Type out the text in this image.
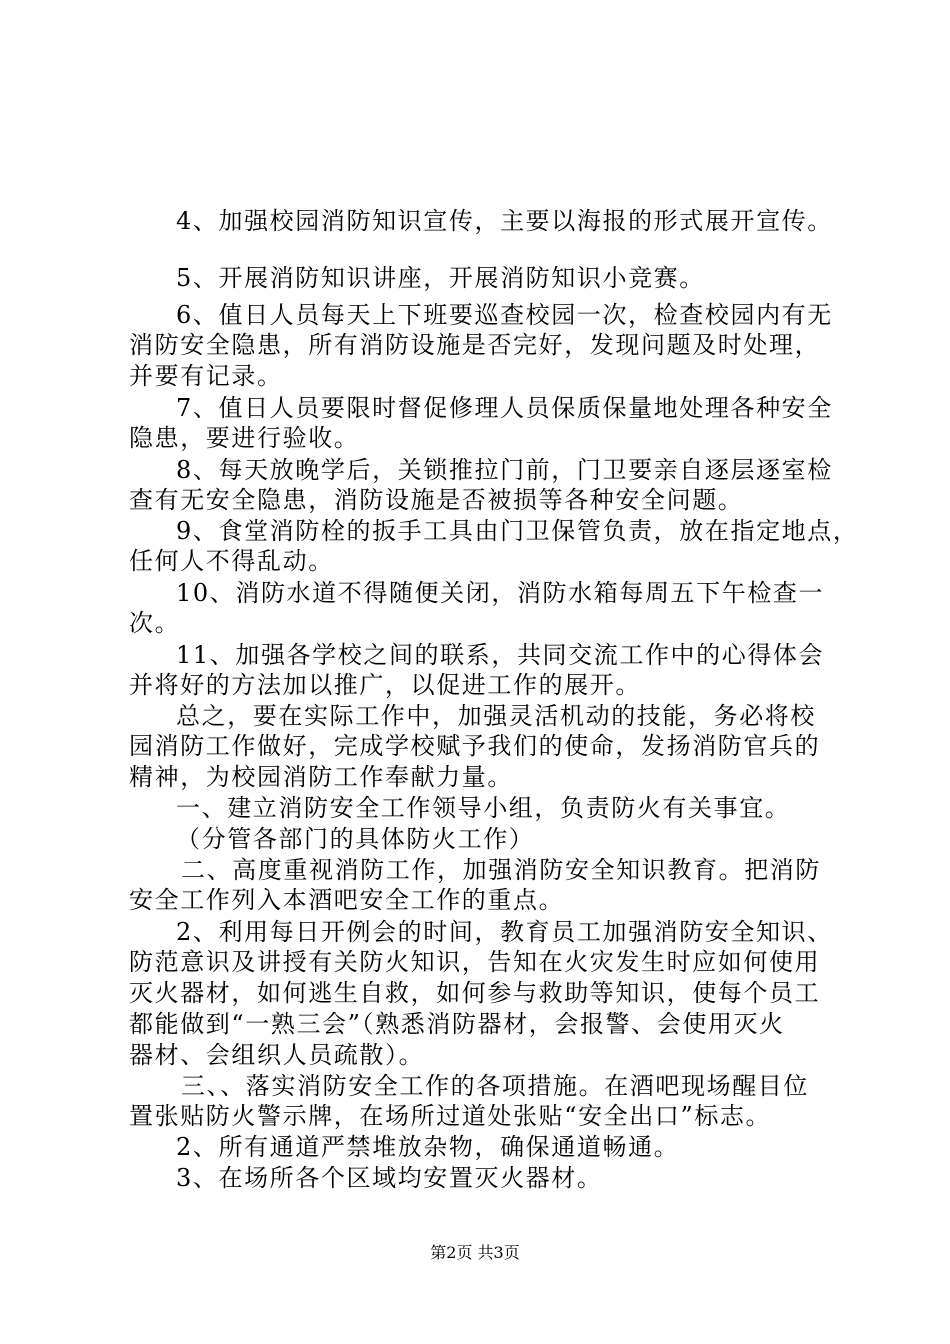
4、加强校园消防知识宣传，主要以海报的形式展开宣传。
5、开展消防知识讲座，开展消防知识小竞赛。
6、值日人员每天上下班要巡查校园一次，检查校园内有无
消防安全隐患，所有消防设施是否完好，发现问题及时处理，
并要有记录。
7、值日人员要限时督促修理人员保质保量地处理各种安全
隐患，要进行验收。
8、每天放晚学后，关锁推拉门前，门卫要亲自逐层逐室检
查有无安全隐患，消防设施是否被损等各种安全问题。
9、食堂消防栓的扳手工具由门卫保管负责，放在指定地点，
任何人不得乱动。
10、消防水道不得随便关闭，消防水箱每周五下午检查一
次。
11、加强各学校之间的联系，共同交流工作中的心得体会
并将好的方法加以推广，以促进工作的展开。
总之，要在实际工作中，加强灵活机动的技能，务必将校
园消防工作做好，完成学校赋予我们的使命，发扬消防官兵的
精神，为校园消防工作奉献力量。
一、建立消防安全工作领导小组，负责防火有关事宜。
（分管各部门的具体防火工作）
二、高度重视消防工作，加强消防安全知识教育。把消防
安全工作列入本酒吧安全工作的重点。
2、利用每日开例会的时间，教育员工加强消防安全知识、
防范意识及讲授有关防火知识，告知在火灾发生时应如何使用
灭火器材，如何逃生自救，如何参与救助等知识，使每个员工
都能做到“一熟三会”（熟悉消防器材，会报警、会使用灭火
器材、会组织人员疏散）。
三、、落实消防安全工作的各项措施。在酒吧现场醒目位
置张贴防火警示牌，在场所过道处张贴“安全出口”标志。
2、所有通道严禁堆放杂物，确保通道畅通。
3、在场所各个区域均安置灭火器材。
第2页 共3页
